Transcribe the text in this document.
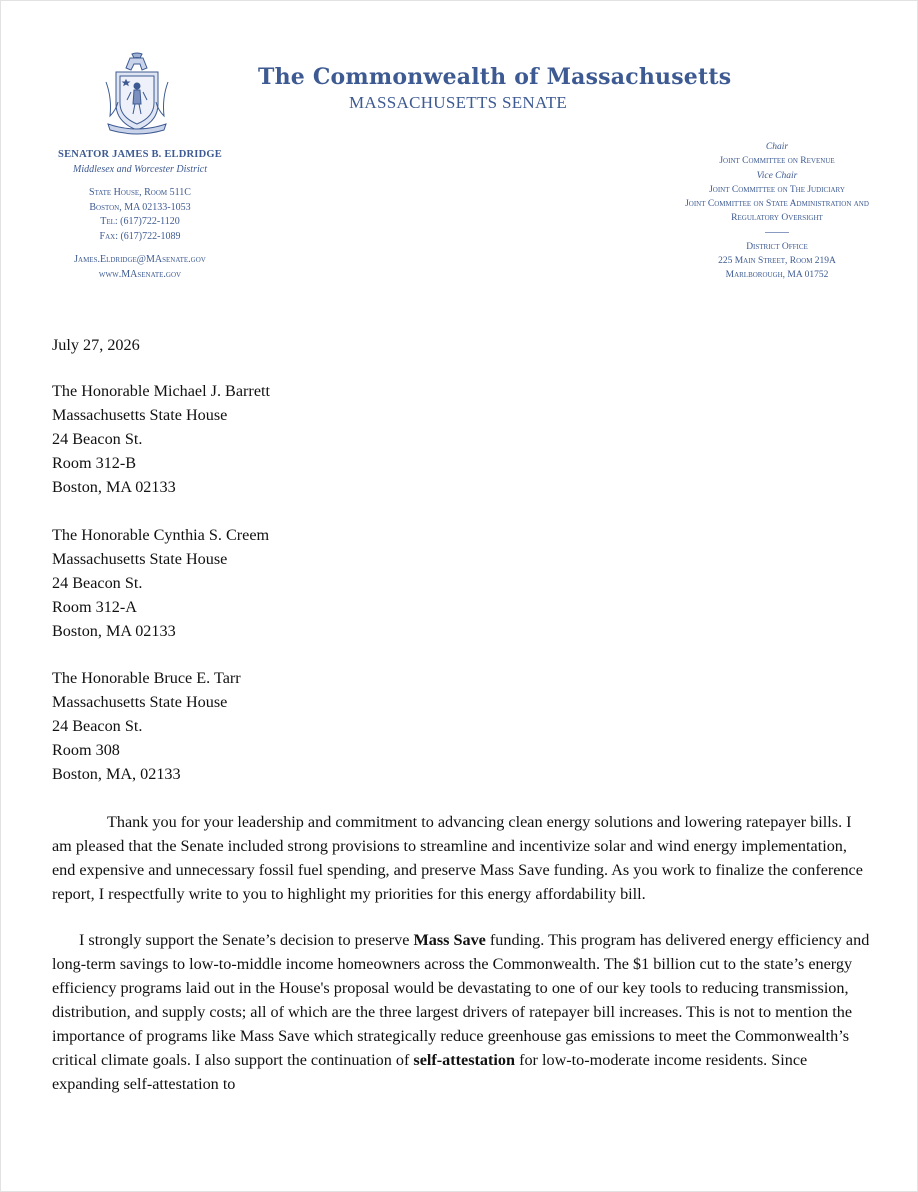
The Commonwealth of Massachusetts
MASSACHUSETTS SENATE
SENATOR JAMES B. ELDRIDGE
Middlesex and Worcester District
State House, Room 511C
Boston, MA 02133-1053
Tel: (617)722-1120
Fax: (617)722-1089
James.Eldridge@MAsenate.gov
www.MAsenate.gov
Chair
Joint Committee on Revenue
Vice Chair
Joint Committee on The Judiciary
Joint Committee on State Administration and
Regulatory Oversight
District Office
225 Main Street, Room 219A
Marlborough, MA 01752
July 27, 2026
The Honorable Michael J. Barrett
Massachusetts State House
24 Beacon St.
Room 312-B
Boston, MA 02133
The Honorable Cynthia S. Creem
Massachusetts State House
24 Beacon St.
Room 312-A
Boston, MA 02133
The Honorable Bruce E. Tarr
Massachusetts State House
24 Beacon St.
Room 308
Boston, MA, 02133

Thank you for your leadership and commitment to advancing clean energy solutions and lowering ratepayer bills. I am pleased that the Senate included strong provisions to streamline and incentivize solar and wind energy implementation, end expensive and unnecessary fossil fuel spending, and preserve Mass Save funding. As you work to finalize the conference report, I respectfully write to you to highlight my priorities for this energy affordability bill.

I strongly support the Senate’s decision to preserve Mass Save funding. This program has delivered energy efficiency and long-term savings to low-to-middle income homeowners across the Commonwealth. The $1 billion cut to the state’s energy efficiency programs laid out in the House's proposal would be devastating to one of our key tools to reducing transmission, distribution, and supply costs; all of which are the three largest drivers of ratepayer bill increases. This is not to mention the importance of programs like Mass Save which strategically reduce greenhouse gas emissions to meet the Commonwealth’s critical climate goals. I also support the continuation of self-attestation for low-to-moderate income residents. Since expanding self-attestation to
